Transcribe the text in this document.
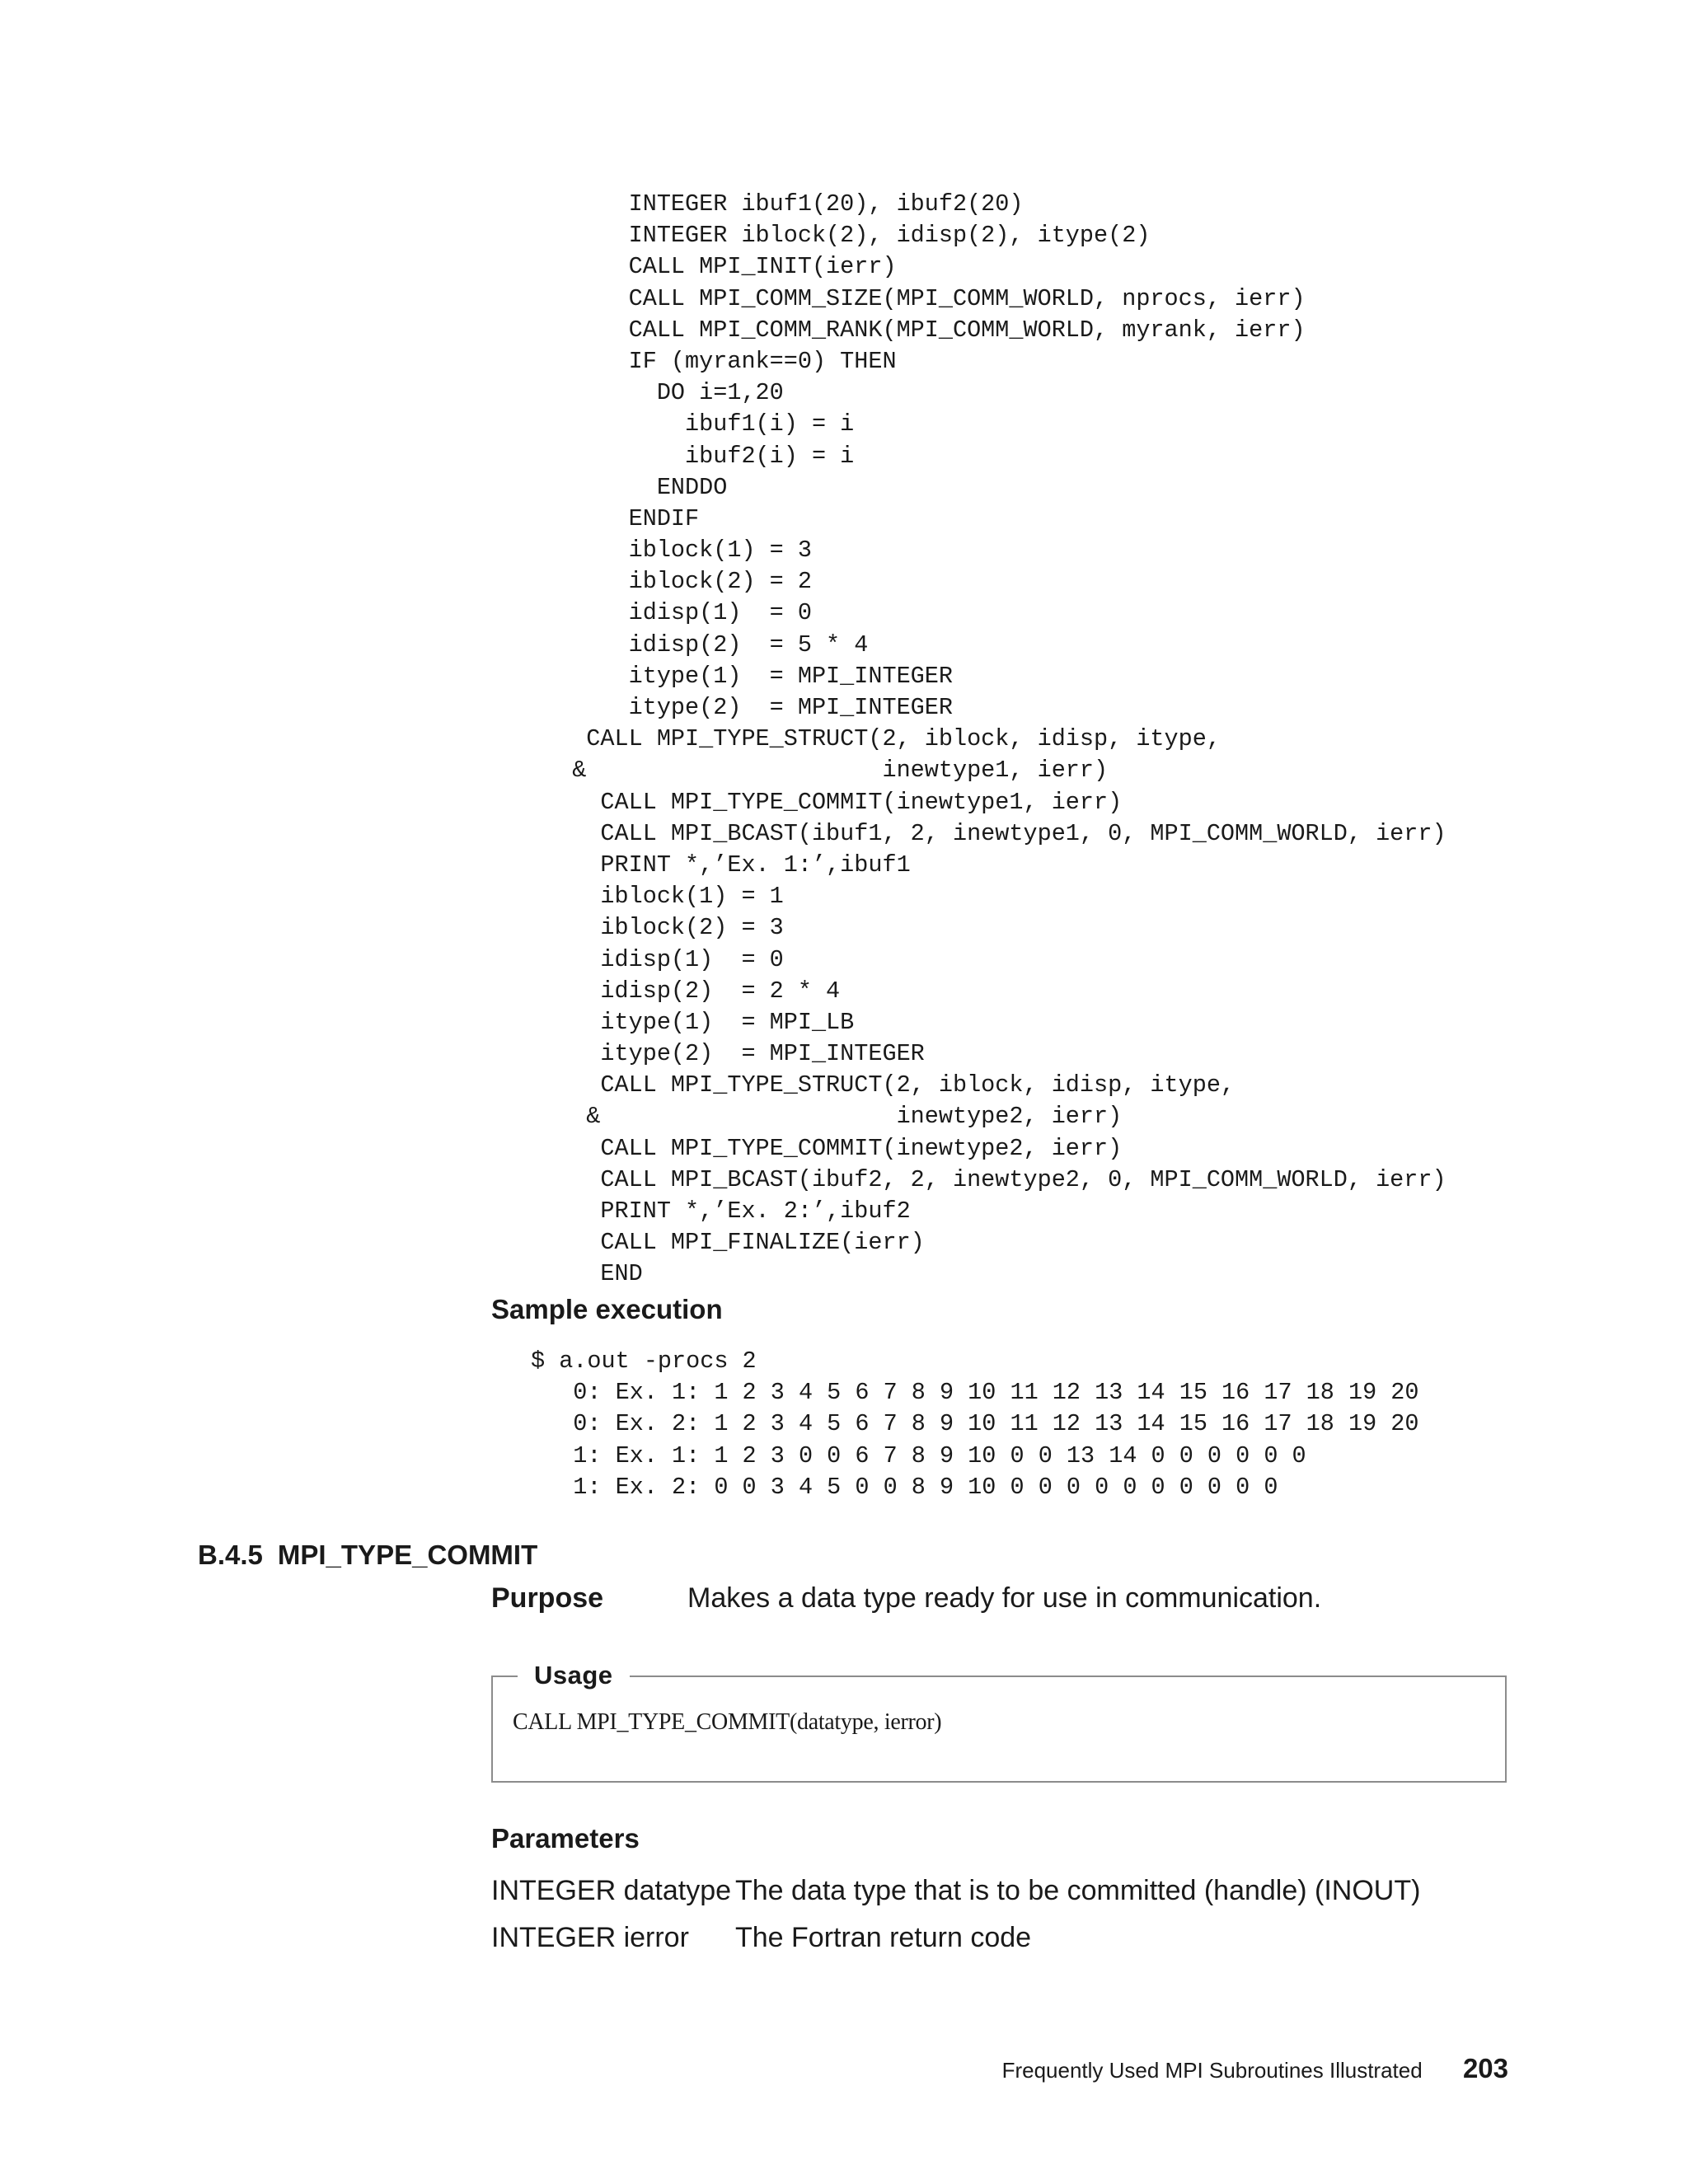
INTEGER ibuf1(20), ibuf2(20)
INTEGER iblock(2), idisp(2), itype(2)
CALL MPI_INIT(ierr)
CALL MPI_COMM_SIZE(MPI_COMM_WORLD, nprocs, ierr)
CALL MPI_COMM_RANK(MPI_COMM_WORLD, myrank, ierr)
IF (myrank==0) THEN
DO i=1,20
ibuf1(i) = i
ibuf2(i) = i
ENDDO
ENDIF
iblock(1) = 3
iblock(2) = 2
idisp(1)  = 0
idisp(2)  = 5 * 4
itype(1)  = MPI_INTEGER
itype(2)  = MPI_INTEGER
CALL MPI_TYPE_STRUCT(2, iblock, idisp, itype,
&                     inewtype1, ierr)
CALL MPI_TYPE_COMMIT(inewtype1, ierr)
CALL MPI_BCAST(ibuf1, 2, inewtype1, 0, MPI_COMM_WORLD, ierr)
PRINT *,’Ex. 1:’,ibuf1
iblock(1) = 1
iblock(2) = 3
idisp(1)  = 0
idisp(2)  = 2 * 4
itype(1)  = MPI_LB
itype(2)  = MPI_INTEGER
CALL MPI_TYPE_STRUCT(2, iblock, idisp, itype,
&                     inewtype2, ierr)
CALL MPI_TYPE_COMMIT(inewtype2, ierr)
CALL MPI_BCAST(ibuf2, 2, inewtype2, 0, MPI_COMM_WORLD, ierr)
PRINT *,’Ex. 2:’,ibuf2
CALL MPI_FINALIZE(ierr)
END
Sample execution
$ a.out -procs 2
0: Ex. 1: 1 2 3 4 5 6 7 8 9 10 11 12 13 14 15 16 17 18 19 20
0: Ex. 2: 1 2 3 4 5 6 7 8 9 10 11 12 13 14 15 16 17 18 19 20
1: Ex. 1: 1 2 3 0 0 6 7 8 9 10 0 0 13 14 0 0 0 0 0 0
1: Ex. 2: 0 0 3 4 5 0 0 8 9 10 0 0 0 0 0 0 0 0 0 0
B.4.5 MPI_TYPE_COMMIT
Purpose	Makes a data type ready for use in communication.
Usage
CALL MPI_TYPE_COMMIT(datatype, ierror)
Parameters
INTEGER datatype The data type that is to be committed (handle) (INOUT)
INTEGER ierror The Fortran return code
Frequently Used MPI Subroutines Illustrated 203
